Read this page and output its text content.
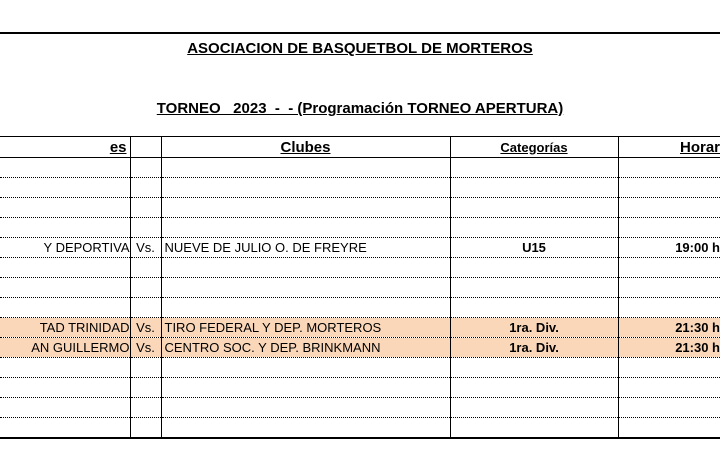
ASOCIACION DE BASQUETBOL DE MORTEROS
TORNEO   2023  -  - (Programación TORNEO APERTURA)
es		Clubes	Categorías	Horar

Y DEPORTIVA	Vs.	NUEVE DE JULIO O. DE FREYRE	U15	19:00 h

TAD TRINIDAD	Vs.	TIRO FEDERAL Y DEP. MORTEROS	1ra. Div.	21:30 h
AN GUILLERMO	Vs.	CENTRO SOC. Y DEP. BRINKMANN	1ra. Div.	21:30 h
